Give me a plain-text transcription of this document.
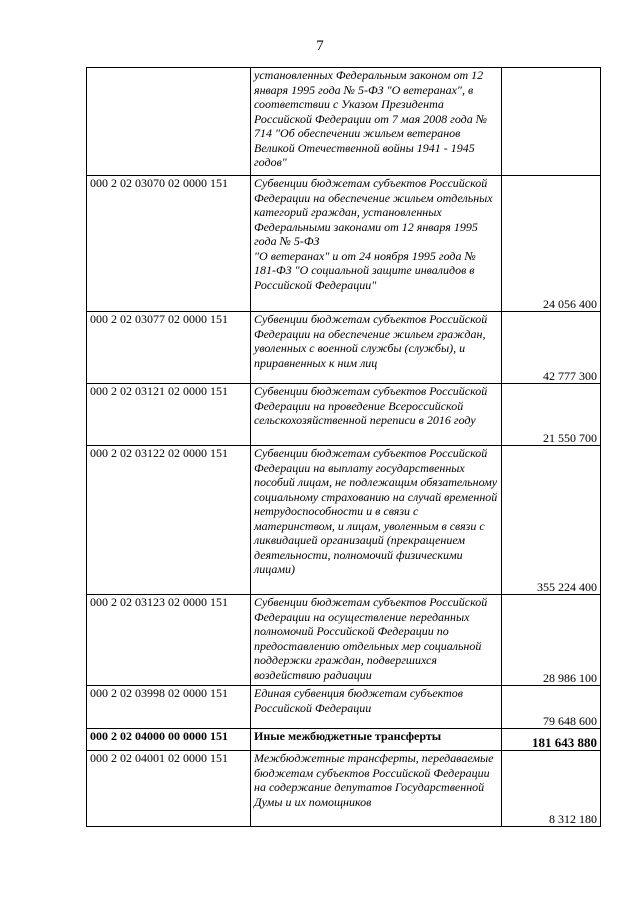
7
	установленных Федеральным законом от 12 января 1995 года № 5-ФЗ "О ветеранах", в соответствии с Указом Президента Российской Федерации от 7 мая 2008 года № 714 "Об обеспечении жильем ветеранов Великой Отечественной войны 1941 - 1945 годов"	
000 2 02 03070 02 0000 151	Субвенции бюджетам субъектов Российской Федерации на обеспечение жильем отдельных категорий граждан, установленных Федеральными законами от 12 января 1995 года № 5-ФЗ
"О ветеранах" и от 24 ноября 1995 года № 181-ФЗ "О социальной защите инвалидов в Российской Федерации"	24 056 400
000 2 02 03077 02 0000 151	Субвенции бюджетам субъектов Российской Федерации на обеспечение жильем граждан, уволенных с военной службы (службы), и приравненных к ним лиц	42 777 300
000 2 02 03121 02 0000 151	Субвенции бюджетам субъектов Российской Федерации на проведение Всероссийской сельскохозяйственной переписи в 2016 году	21 550 700
000 2 02 03122 02 0000 151	Субвенции бюджетам субъектов Российской Федерации на выплату государственных пособий лицам, не подлежащим обязательному социальному страхованию на случай временной нетрудоспособности и в связи с материнством, и лицам, уволенным в связи с ликвидацией организаций (прекращением деятельности, полномочий физическими лицами)	355 224 400
000 2 02 03123 02 0000 151	Субвенции бюджетам субъектов Российской Федерации на осуществление переданных полномочий Российской Федерации по предоставлению отдельных мер социальной поддержки граждан, подвергшихся воздействию радиации	28 986 100
000 2 02 03998 02 0000 151	Единая субвенция бюджетам субъектов Российской Федерации	79 648 600
000 2 02 04000 00 0000 151	Иные межбюджетные трансферты	181 643 880
000 2 02 04001 02 0000 151	Межбюджетные трансферты, передаваемые бюджетам субъектов Российской Федерации на содержание депутатов Государственной Думы и их помощников	8 312 180
